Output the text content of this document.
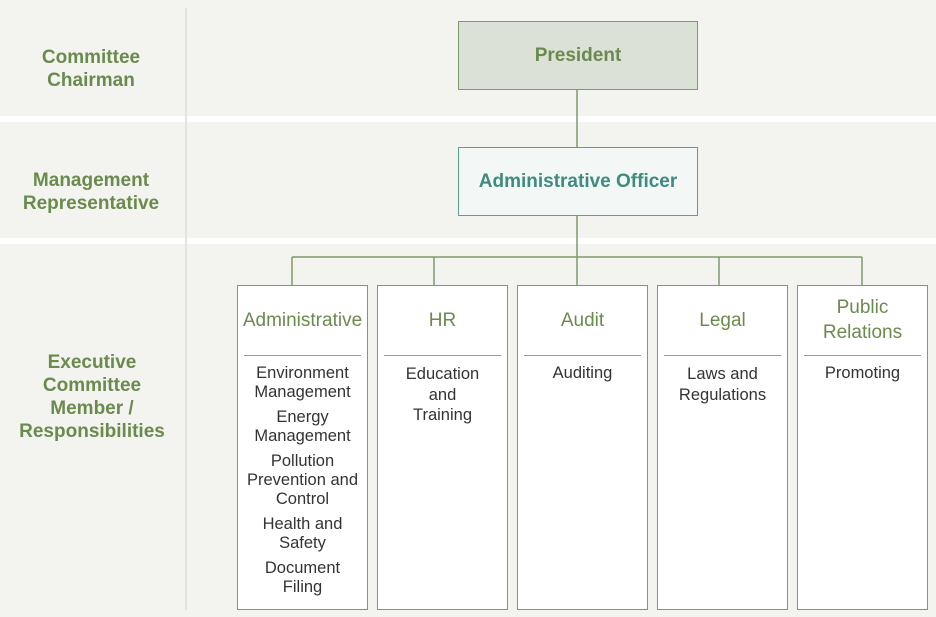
Committee Chairman
Management Representative
Executive Committee Member / Responsibilities
President
Administrative Officer
Administrative
Environment Management
Energy Management
Pollution Prevention and Control
Health and Safety
Document Filing
HR
Education and Training
Audit
Auditing
Legal
Laws and Regulations
Public Relations
Promoting
